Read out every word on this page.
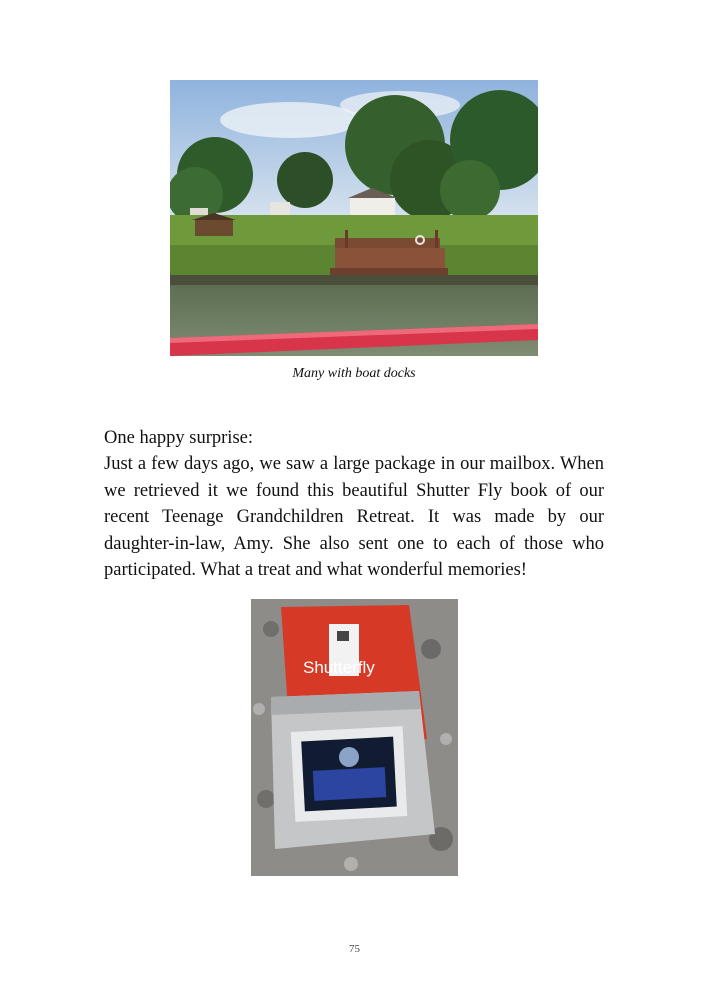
Many with boat docks
One happy surprise:
Just a few days ago, we saw a large package in our mailbox. When we retrieved it we found this beautiful Shutter Fly book of our recent Teenage Grandchildren Retreat. It was made by our daughter-in-law, Amy. She also sent one to each of those who participated. What a treat and what wonderful memories!
Shutterfly
75
